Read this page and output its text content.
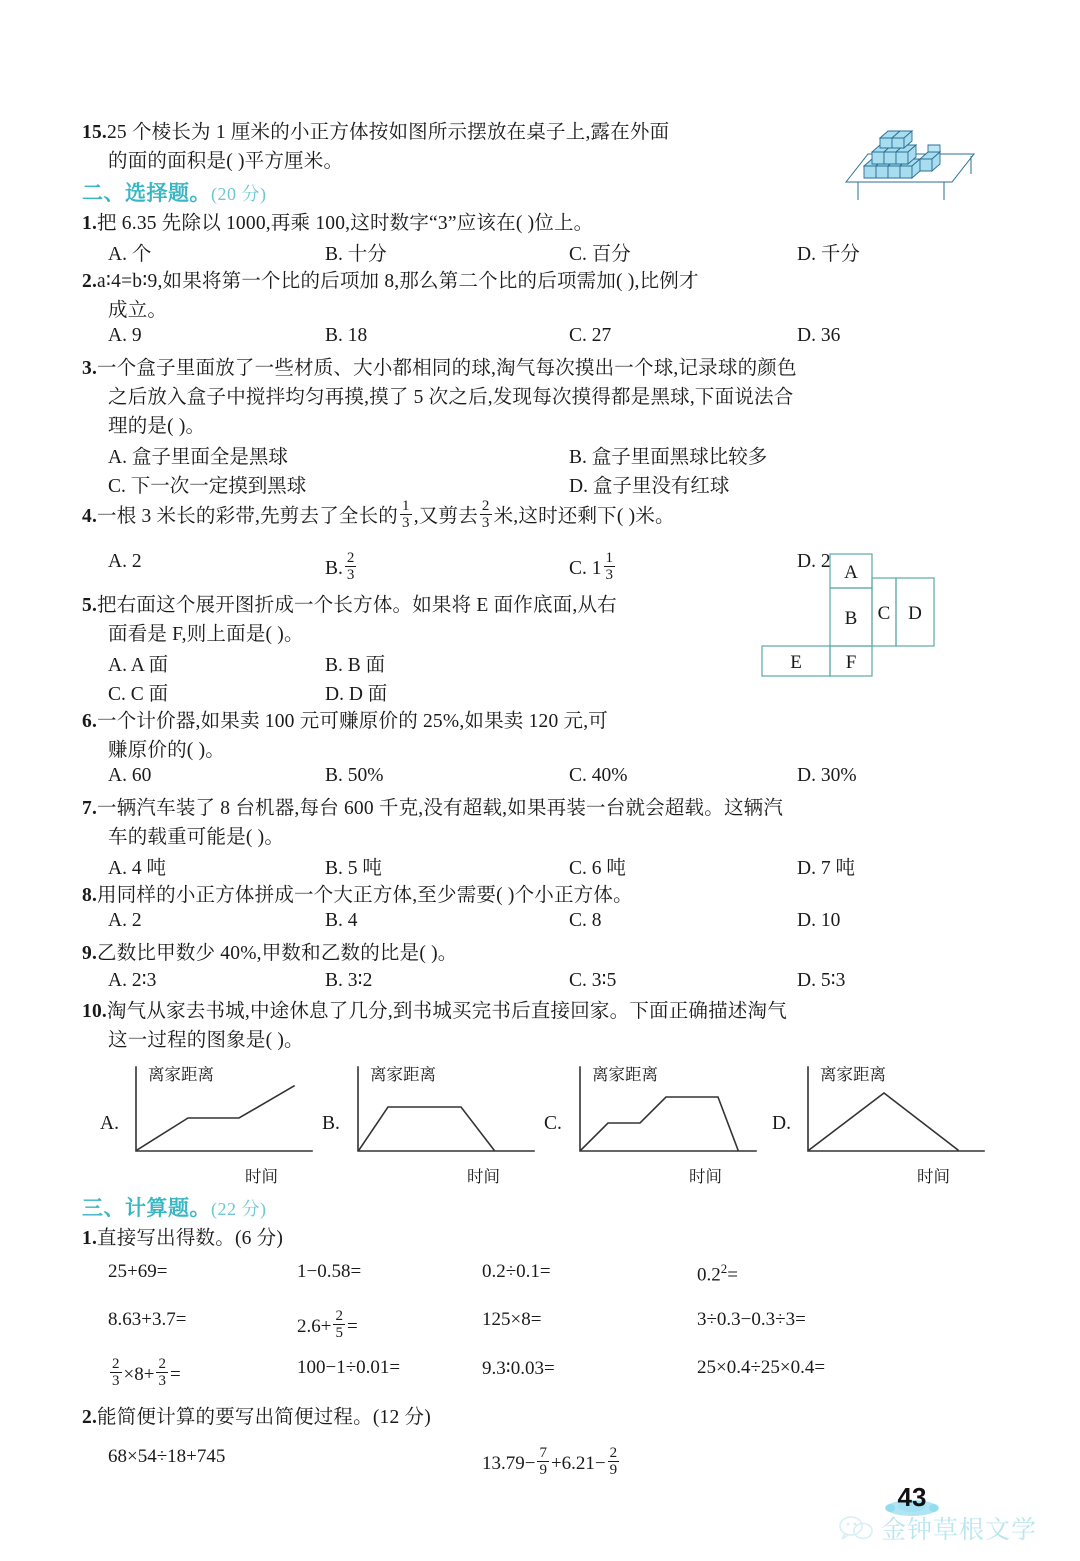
15.25 个棱长为 1 厘米的小正方体按如图所示摆放在桌子上,露在外面
的面的面积是( )平方厘米。
二、选择题。(20 分)
1.把 6.35 先除以 1000,再乘 100,这时数字“3”应该在( )位上。
A. 个	B. 十分	C. 百分	D. 千分
2.a∶4=b∶9,如果将第一个比的后项加 8,那么第二个比的后项需加( ),比例才
成立。
A. 9	B. 18	C. 27	D. 36
3.一个盒子里面放了一些材质、大小都相同的球,淘气每次摸出一个球,记录球的颜色
之后放入盒子中搅拌均匀再摸,摸了 5 次之后,发现每次摸得都是黑球,下面说法合
理的是( )。
A. 盒子里面全是黑球	B. 盒子里面黑球比较多
C. 下一次一定摸到黑球	D. 盒子里没有红球
4.一根 3 米长的彩带,先剪去了全长的 $\frac{1}{3}$ ,又剪去 $\frac{2}{3}$ 米,这时还剩下( )米。
A. 2	B. $\frac{2}{3}$	C. $1 \frac{1}{3}$	D. 2
5.把右面这个展开图折成一个长方体。如果将 E 面作底面,从右
面看是 F,则上面是( )。
A. A 面	B. B 面
C. C 面	D. D 面
6.一个计价器,如果卖 100 元可赚原价的 25%,如果卖 120 元,可
赚原价的( )。
A. 60	B. 50%	C. 40%	D. 30%
7.一辆汽车装了 8 台机器,每台 600 千克,没有超载,如果再装一台就会超载。这辆汽
车的载重可能是( )。
A. 4 吨	B. 5 吨	C. 6 吨	D. 7 吨
8.用同样的小正方体拼成一个大正方体,至少需要( )个小正方体。
A. 2	B. 4	C. 8	D. 10
9.乙数比甲数少 40%,甲数和乙数的比是( )。
A. 2∶3	B. 3∶2	C. 3∶5	D. 5∶3
10.淘气从家去书城,中途休息了几分,到书城买完书后直接回家。下面正确描述淘气
这一过程的图象是( )。
A.
离家距离
时间
B.
离家距离
时间
C.
离家距离
时间
D.
离家距离
时间
三、计算题。(22 分)
1.直接写出得数。(6 分)
25+69=	1−0.58=	0.2÷0.1=	$0.2^2=$
8.63+3.7=	$2.6+ \frac{2}{5}$ =	125×8=	3÷0.3−0.3÷3=
$\frac{2}{3} \times 8+ \frac{2}{3}$ =	100−1÷0.01=	9.3∶0.03=	25×0.4÷25×0.4=
2.能简便计算的要写出简便过程。(12 分)
68×54÷18+745	$13.79- \frac{7}{9} +6.21- \frac{2}{9}$
A
B C D
E F
43
金钟草根文学
